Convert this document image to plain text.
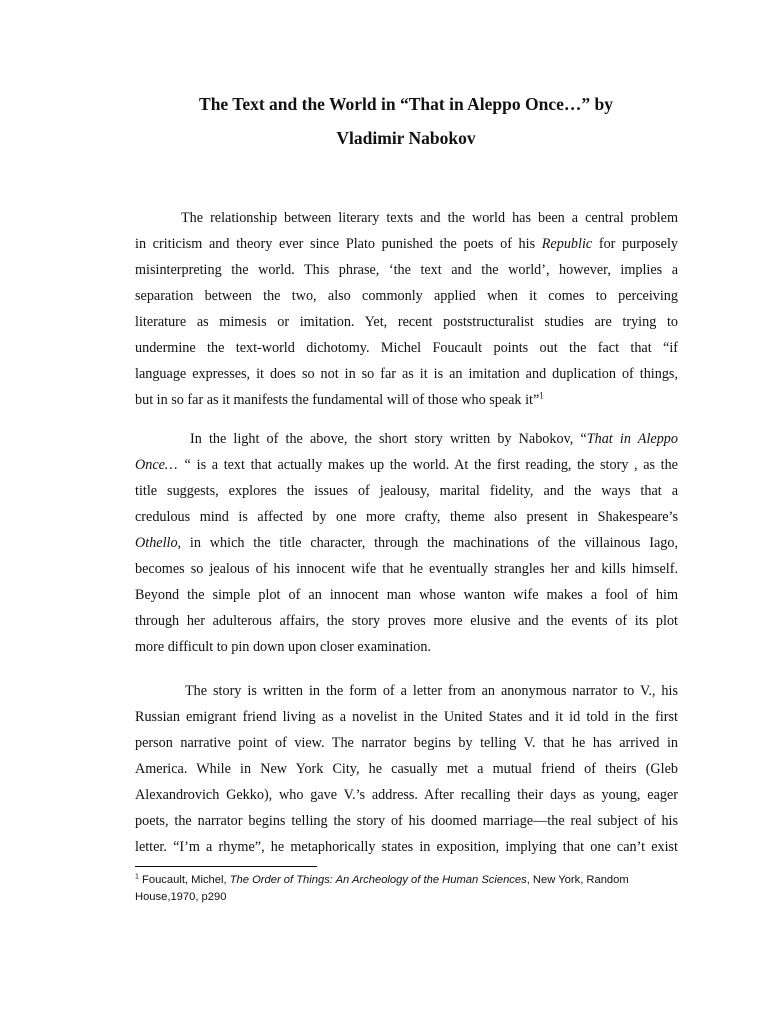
The Text and the World in “That in Aleppo Once…” by
Vladimir Nabokov
The relationship between literary texts and the world has been a central problem
in criticism and theory ever since Plato punished the poets of his Republic for purposely
misinterpreting the world. This phrase, ‘the text and the world’, however, implies a
separation between the two, also commonly applied when it comes to perceiving
literature as mimesis or imitation. Yet, recent poststructuralist studies are trying to
undermine the text-world dichotomy. Michel Foucault points out the fact that “if
language expresses, it does so not in so far as it is an imitation and duplication of things,
but in so far as it manifests the fundamental will of those who speak it”$^1$
In the light of the above, the short story written by Nabokov, “That in Aleppo
Once… “ is a text that actually makes up the world. At the first reading, the story , as the
title suggests, explores the issues of jealousy, marital fidelity, and the ways that a
credulous mind is affected by one more crafty, theme also present in Shakespeare’s
Othello, in which the title character, through the machinations of the villainous Iago,
becomes so jealous of his innocent wife that he eventually strangles her and kills himself.
Beyond the simple plot of an innocent man whose wanton wife makes a fool of him
through her adulterous affairs, the story proves more elusive and the events of its plot
more difficult to pin down upon closer examination.
The story is written in the form of a letter from an anonymous narrator to V., his
Russian emigrant friend living as a novelist in the United States and it id told in the first
person narrative point of view. The narrator begins by telling V. that he has arrived in
America. While in New York City, he casually met a mutual friend of theirs (Gleb
Alexandrovich Gekko), who gave V.’s address. After recalling their days as young, eager
poets, the narrator begins telling the story of his doomed marriage—the real subject of his
letter. “I’m a rhyme”, he metaphorically states in exposition, implying that one can’t exist
$^1$ Foucault, Michel, The Order of Things: An Archeology of the Human Sciences, New York, Random
House,1970, p290
